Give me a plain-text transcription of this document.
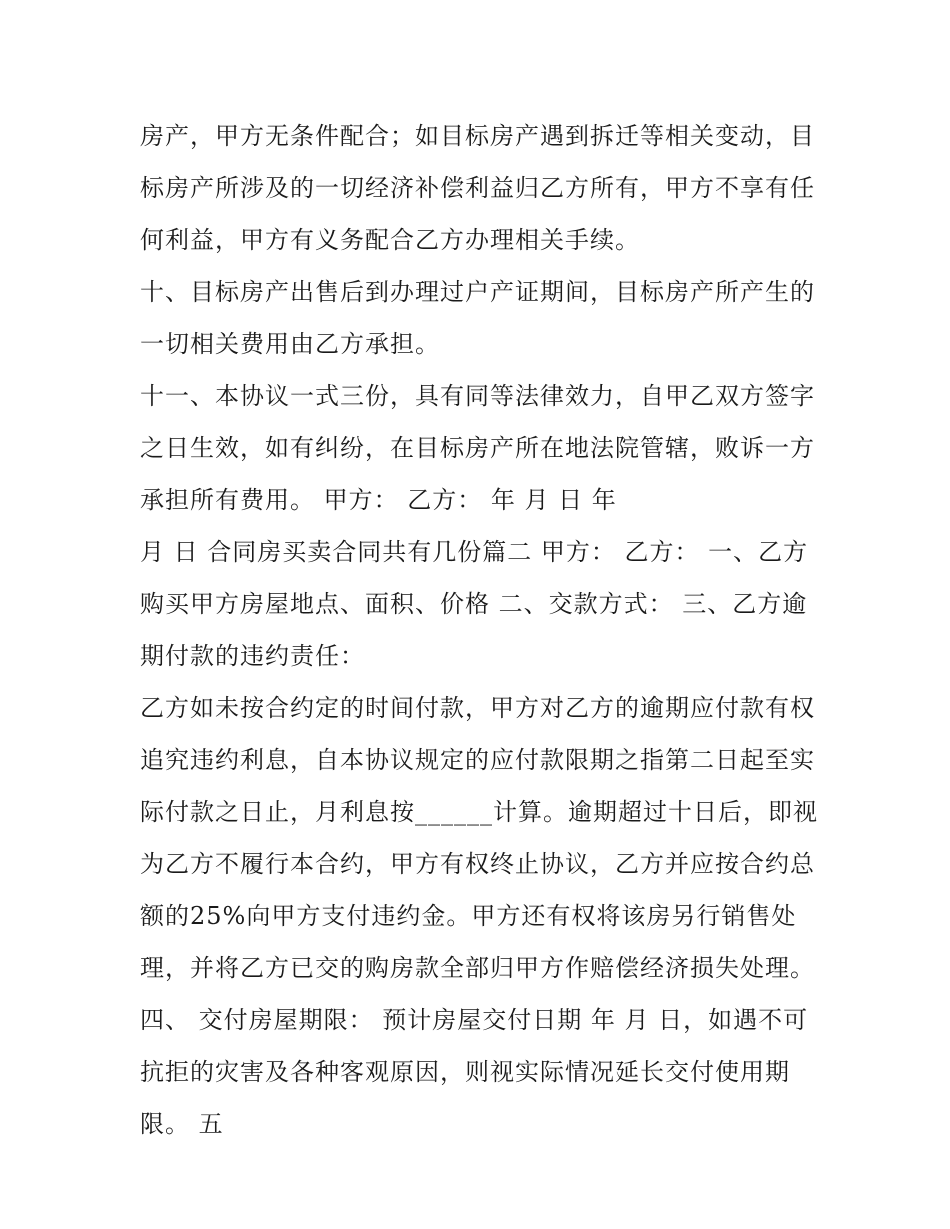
房产，甲方无条件配合；如目标房产遇到拆迁等相关变动，目
标房产所涉及的一切经济补偿利益归乙方所有，甲方不享有任
何利益，甲方有义务配合乙方办理相关手续。
十、目标房产出售后到办理过户产证期间，目标房产所产生的
一切相关费用由乙方承担。
十一、本协议一式三份，具有同等法律效力，自甲乙双方签字
之日生效，如有纠纷，在目标房产所在地法院管辖，败诉一方
承担所有费用。 甲方： 乙方： 年 月 日 年
月 日 合同房买卖合同共有几份篇二 甲方： 乙方： 一、乙方
购买甲方房屋地点、面积、价格 二、交款方式： 三、乙方逾
期付款的违约责任：
乙方如未按合约定的时间付款，甲方对乙方的逾期应付款有权
追究违约利息，自本协议规定的应付款限期之指第二日起至实
际付款之日止，月利息按______计算。逾期超过十日后，即视
为乙方不履行本合约，甲方有权终止协议，乙方并应按合约总
额的25%向甲方支付违约金。甲方还有权将该房另行销售处
理，并将乙方已交的购房款全部归甲方作赔偿经济损失处理。
四、 交付房屋期限： 预计房屋交付日期 年 月 日，如遇不可
抗拒的灾害及各种客观原因，则视实际情况延长交付使用期
限。 五
